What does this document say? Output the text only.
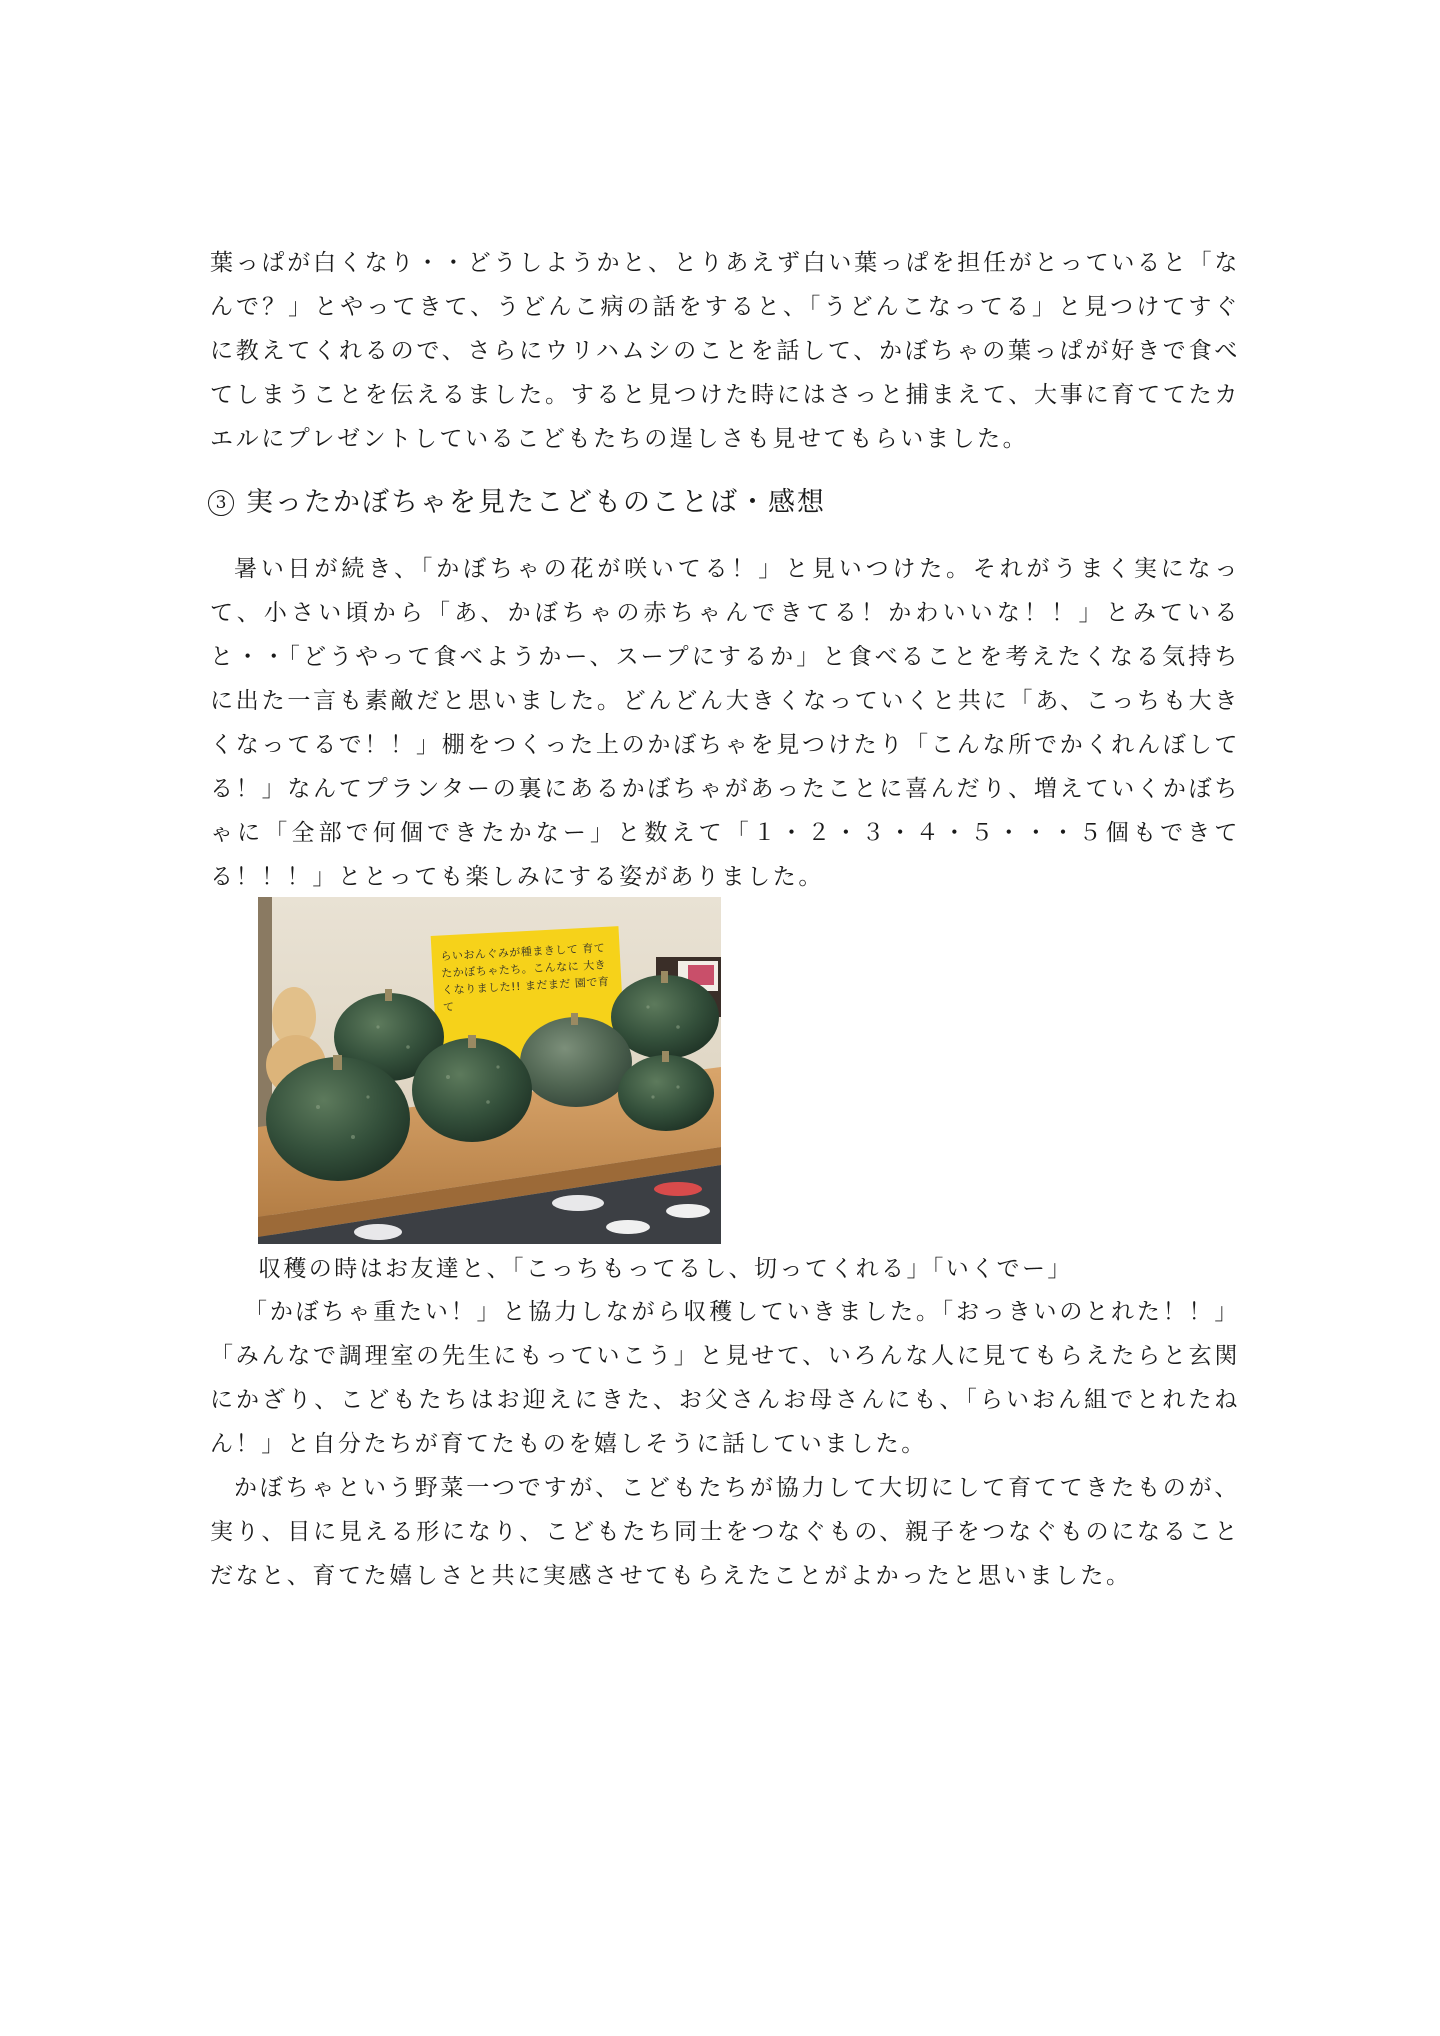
葉っぱが白くなり・・どうしようかと、とりあえず白い葉っぱを担任がとっていると「なんで？」とやってきて、うどんこ病の話をすると、「うどんこなってる」と見つけてすぐに教えてくれるので、さらにウリハムシのことを話して、かぼちゃの葉っぱが好きで食べてしまうことを伝えるました。すると見つけた時にはさっと捕まえて、大事に育ててたカエルにプレゼントしているこどもたちの逞しさも見せてもらいました。

3 実ったかぼちゃを見たこどものことば・感想

暑い日が続き、「かぼちゃの花が咲いてる！」と見いつけた。それがうまく実になって、小さい頃から「あ、かぼちゃの赤ちゃんできてる！かわいいな！！」とみていると・・「どうやって食べようかー、スープにするか」と食べることを考えたくなる気持ちに出た一言も素敵だと思いました。どんどん大きくなっていくと共に「あ、こっちも大きくなってるで！！」棚をつくった上のかぼちゃを見つけたり「こんな所でかくれんぼしてる！」なんてプランターの裏にあるかぼちゃがあったことに喜んだり、増えていくかぼちゃに「全部で何個できたかなー」と数えて「１・２・３・４・５・・・５個もできてる！！！」ととっても楽しみにする姿がありました。

らいおんぐみが種まきして 育てたかぼちゃたち。こんなに 大きくなりました!! まだまだ 園で育て
収穫の時はお友達と、「こっちもってるし、切ってくれる」「いくでー」

「かぼちゃ重たい！」と協力しながら収穫していきました。「おっきいのとれた！！」「みんなで調理室の先生にもっていこう」と見せて、いろんな人に見てもらえたらと玄関にかざり、こどもたちはお迎えにきた、お父さんお母さんにも、「らいおん組でとれたねん！」と自分たちが育てたものを嬉しそうに話していました。

かぼちゃという野菜一つですが、こどもたちが協力して大切にして育ててきたものが、実り、目に見える形になり、こどもたち同士をつなぐもの、親子をつなぐものになることだなと、育てた嬉しさと共に実感させてもらえたことがよかったと思いました。
